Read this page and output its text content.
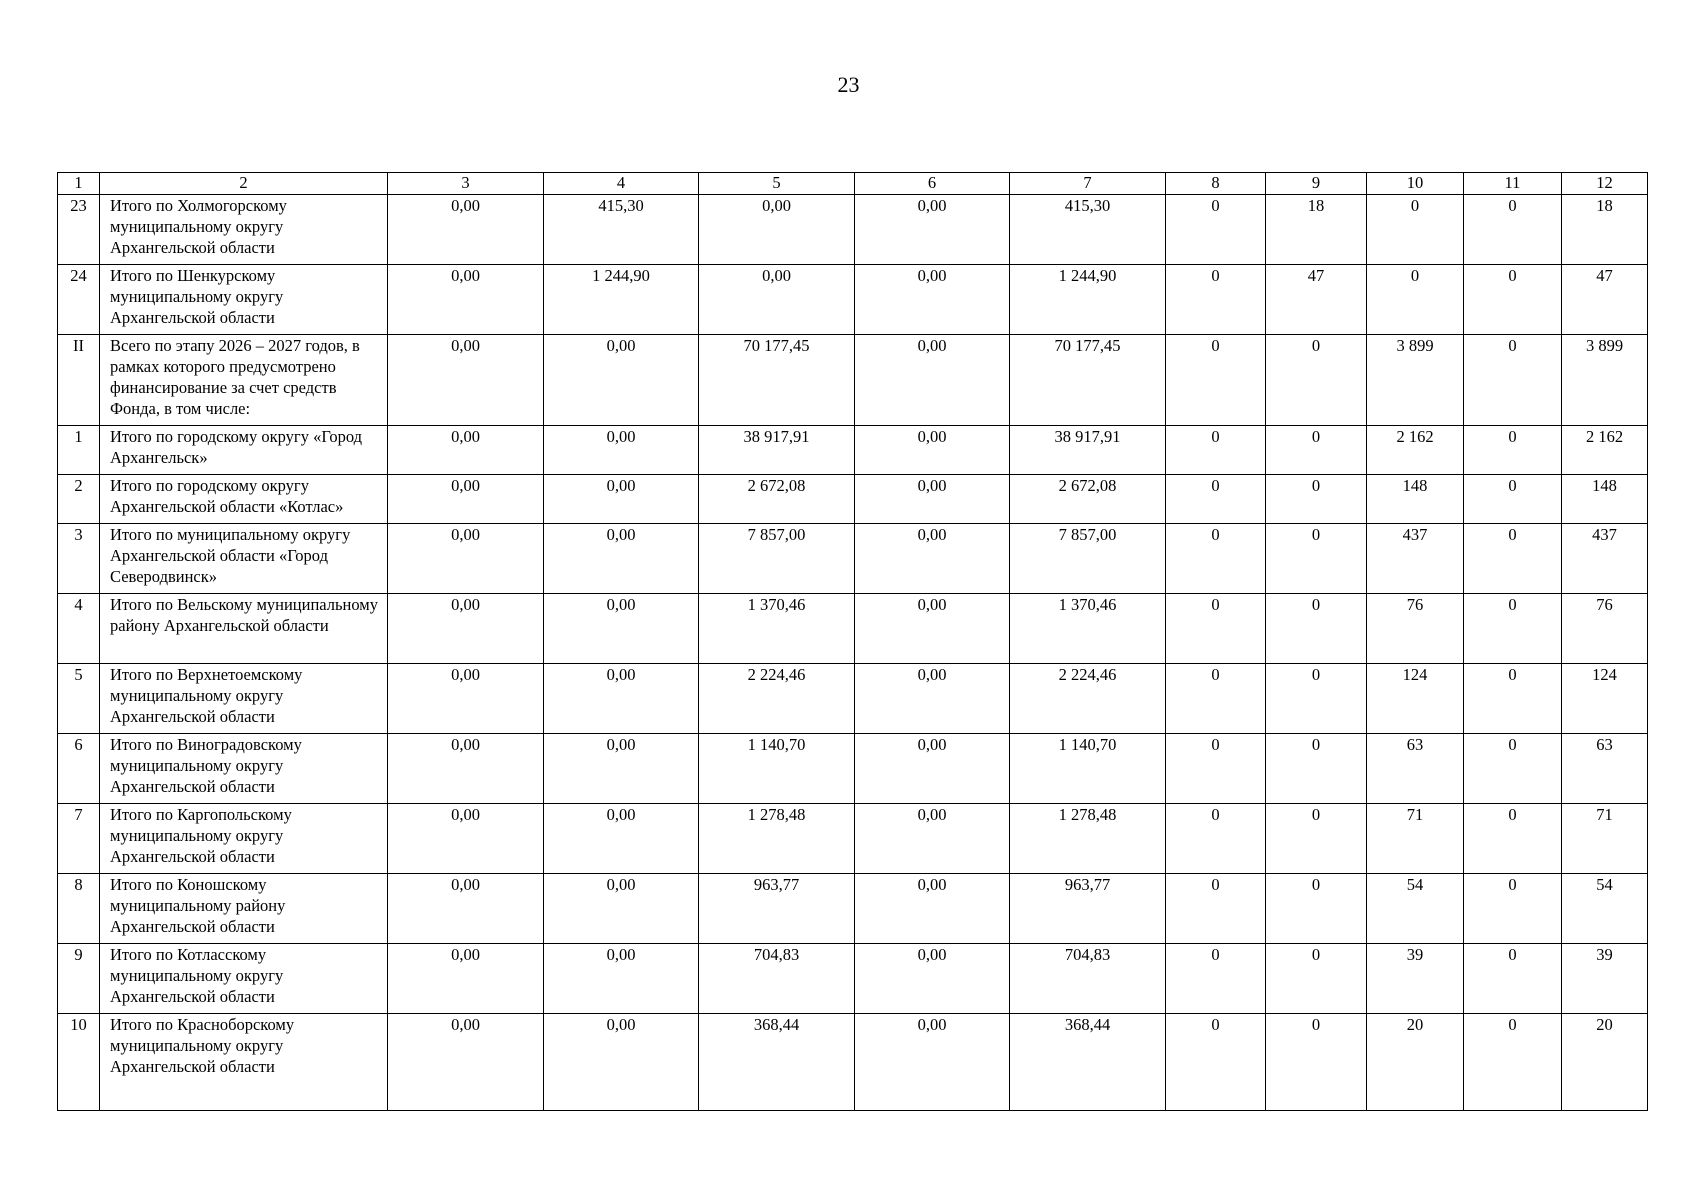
23
1	2	3	4	5	6	7	8	9	10	11	12
23	Итого по Холмогорскому муниципальному округу Архангельской области	0,00	415,30	0,00	0,00	415,30	0	18	0	0	18
24	Итого по Шенкурскому муниципальному округу Архангельской области	0,00	1 244,90	0,00	0,00	1 244,90	0	47	0	0	47
II	Всего по этапу 2026 – 2027 годов, в рамках которого предусмотрено финансирование за счет средств Фонда, в том числе:	0,00	0,00	70 177,45	0,00	70 177,45	0	0	3 899	0	3 899
1	Итого по городскому округу «Город Архангельск»	0,00	0,00	38 917,91	0,00	38 917,91	0	0	2 162	0	2 162
2	Итого по городскому округу Архангельской области «Котлас»	0,00	0,00	2 672,08	0,00	2 672,08	0	0	148	0	148
3	Итого по муниципальному округу Архангельской области «Город Северодвинск»	0,00	0,00	7 857,00	0,00	7 857,00	0	0	437	0	437
4	Итого по Вельскому муниципальному району Архангельской области	0,00	0,00	1 370,46	0,00	1 370,46	0	0	76	0	76
5	Итого по Верхнетоемскому муниципальному округу Архангельской области	0,00	0,00	2 224,46	0,00	2 224,46	0	0	124	0	124
6	Итого по Виноградовскому муниципальному округу Архангельской области	0,00	0,00	1 140,70	0,00	1 140,70	0	0	63	0	63
7	Итого по Каргопольскому муниципальному округу Архангельской области	0,00	0,00	1 278,48	0,00	1 278,48	0	0	71	0	71
8	Итого по Коношскому муниципальному району Архангельской области	0,00	0,00	963,77	0,00	963,77	0	0	54	0	54
9	Итого по Котласскому муниципальному округу Архангельской области	0,00	0,00	704,83	0,00	704,83	0	0	39	0	39
10	Итого по Красноборскому муниципальному округу Архангельской области	0,00	0,00	368,44	0,00	368,44	0	0	20	0	20
